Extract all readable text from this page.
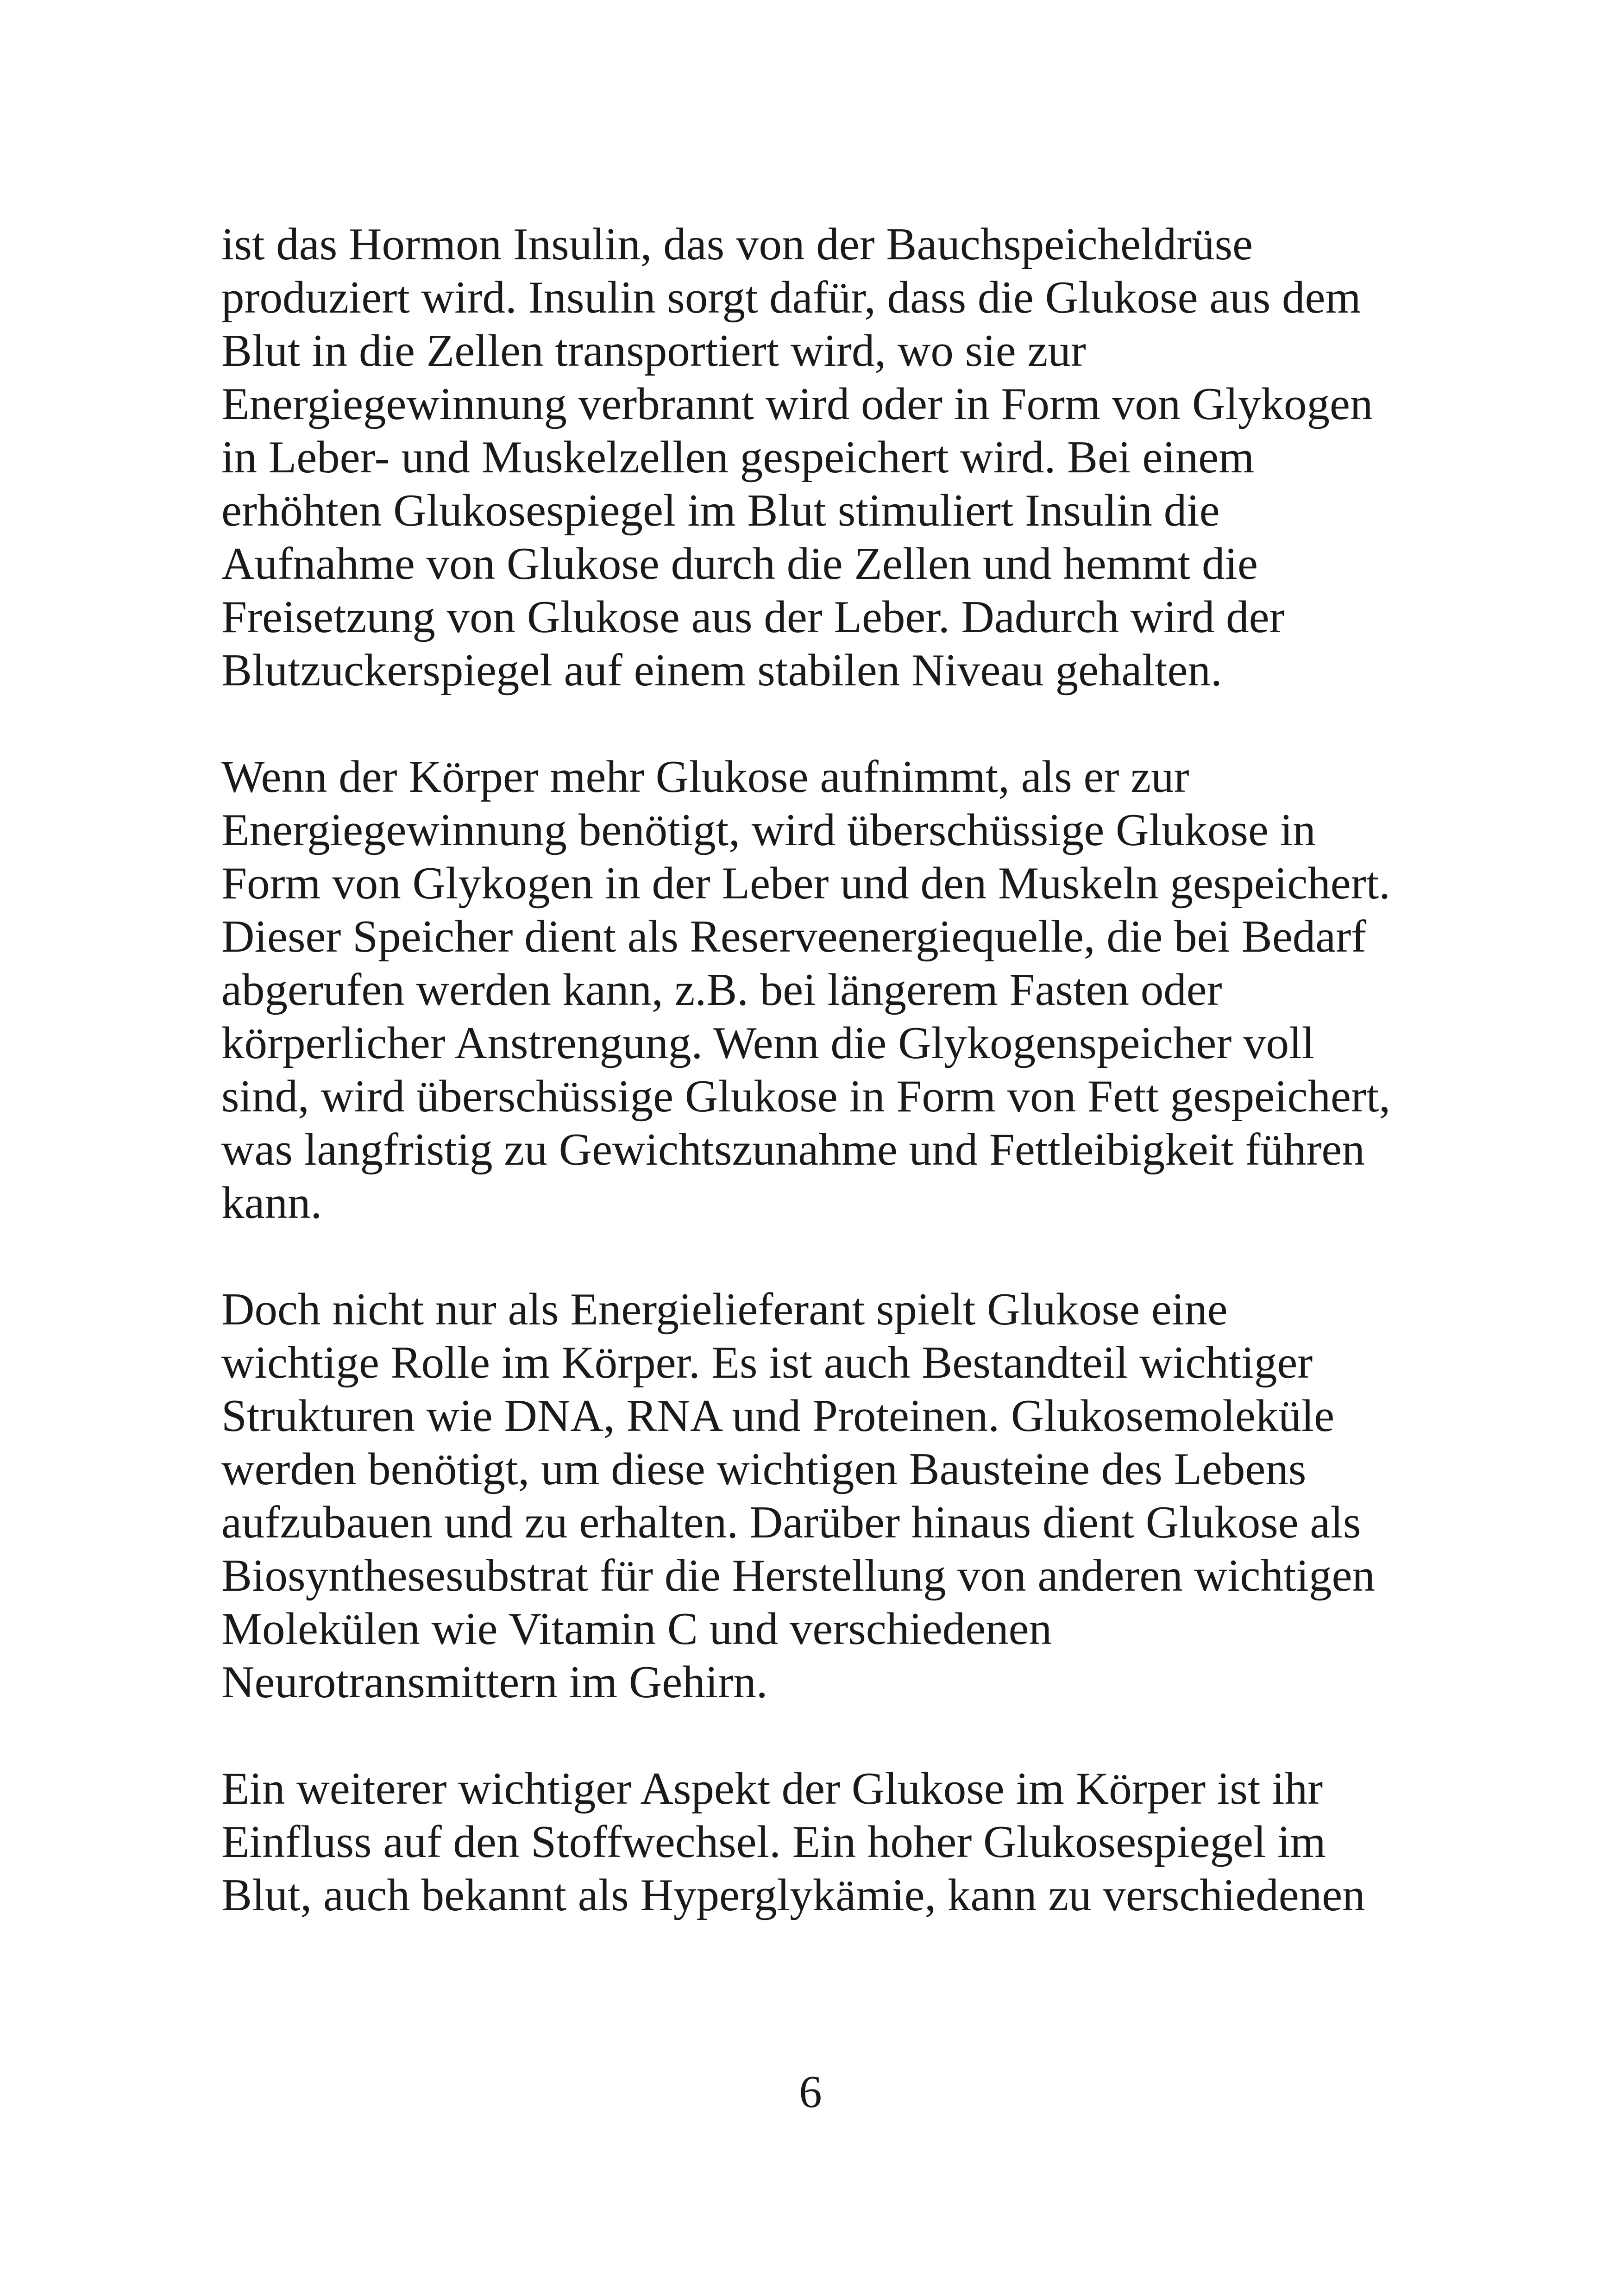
ist das Hormon Insulin, das von der Bauchspeicheldrüse
produziert wird. Insulin sorgt dafür, dass die Glukose aus dem
Blut in die Zellen transportiert wird, wo sie zur
Energiegewinnung verbrannt wird oder in Form von Glykogen
in Leber- und Muskelzellen gespeichert wird. Bei einem
erhöhten Glukosespiegel im Blut stimuliert Insulin die
Aufnahme von Glukose durch die Zellen und hemmt die
Freisetzung von Glukose aus der Leber. Dadurch wird der
Blutzuckerspiegel auf einem stabilen Niveau gehalten.

Wenn der Körper mehr Glukose aufnimmt, als er zur
Energiegewinnung benötigt, wird überschüssige Glukose in
Form von Glykogen in der Leber und den Muskeln gespeichert.
Dieser Speicher dient als Reserveenergiequelle, die bei Bedarf
abgerufen werden kann, z.B. bei längerem Fasten oder
körperlicher Anstrengung. Wenn die Glykogenspeicher voll
sind, wird überschüssige Glukose in Form von Fett gespeichert,
was langfristig zu Gewichtszunahme und Fettleibigkeit führen
kann.

Doch nicht nur als Energielieferant spielt Glukose eine
wichtige Rolle im Körper. Es ist auch Bestandteil wichtiger
Strukturen wie DNA, RNA und Proteinen. Glukosemoleküle
werden benötigt, um diese wichtigen Bausteine des Lebens
aufzubauen und zu erhalten. Darüber hinaus dient Glukose als
Biosynthesesubstrat für die Herstellung von anderen wichtigen
Molekülen wie Vitamin C und verschiedenen
Neurotransmittern im Gehirn.

Ein weiterer wichtiger Aspekt der Glukose im Körper ist ihr
Einfluss auf den Stoffwechsel. Ein hoher Glukosespiegel im
Blut, auch bekannt als Hyperglykämie, kann zu verschiedenen

6
